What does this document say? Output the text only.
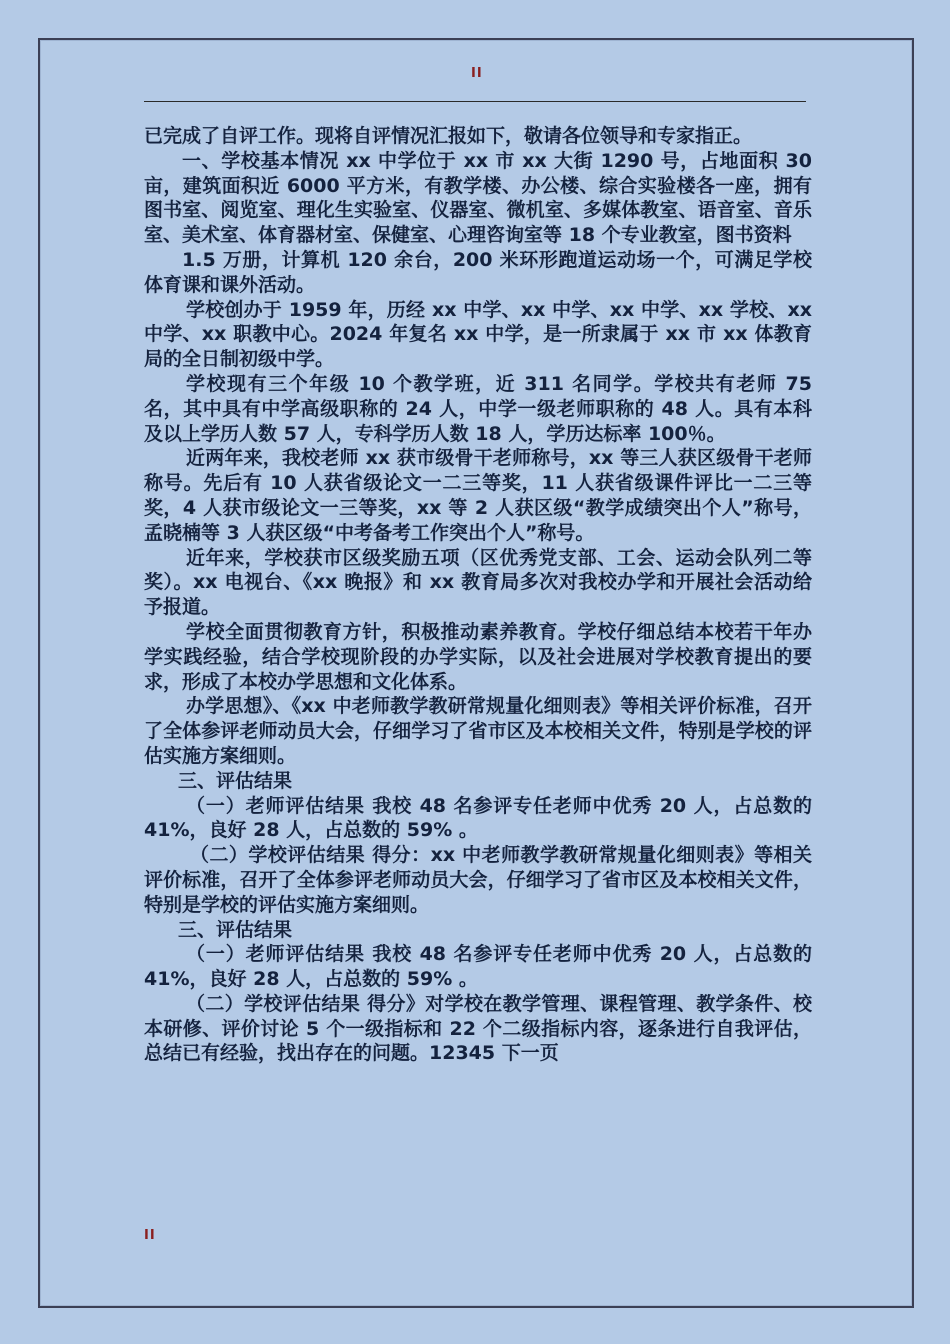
II

已完成了自评工作。现将自评情况汇报如下，敬请各位领导和专家指正。

一、学校基本情况 xx 中学位于 xx 市 xx 大街 1290 号，占地面积 30 亩，建筑面积近 6000 平方米，有教学楼、办公楼、综合实验楼各一座，拥有图书室、阅览室、理化生实验室、仪器室、微机室、多媒体教室、语音室、音乐室、美术室、体育器材室、保健室、心理咨询室等 18 个专业教室，图书资料

1.5 万册，计算机 120 余台，200 米环形跑道运动场一个，可满足学校体育课和课外活动。

学校创办于 1959 年，历经 xx 中学、xx 中学、xx 中学、xx 学校、xx 中学、xx 职教中心。2024 年复名 xx 中学，是一所隶属于 xx 市 xx 体教育局的全日制初级中学。

学校现有三个年级 10 个教学班，近 311 名同学。学校共有老师 75 名，其中具有中学高级职称的 24 人，中学一级老师职称的 48 人。具有本科及以上学历人数 57 人，专科学历人数 18 人，学历达标率 100％。

近两年来，我校老师 xx 获市级骨干老师称号，xx 等三人获区级骨干老师称号。先后有 10 人获省级论文一二三等奖，11 人获省级课件评比一二三等奖，4 人获市级论文一三等奖，xx 等 2 人获区级“教学成绩突出个人”称号，孟晓楠等 3 人获区级“中考备考工作突出个人”称号。

近年来，学校获市区级奖励五项（区优秀党支部、工会、运动会队列二等奖）。xx 电视台、《xx 晚报》和 xx 教育局多次对我校办学和开展社会活动给予报道。

学校全面贯彻教育方针，积极推动素养教育。学校仔细总结本校若干年办学实践经验，结合学校现阶段的办学实际，以及社会进展对学校教育提出的要求，形成了本校办学思想和文化体系。

办学思想》、《xx 中老师教学教研常规量化细则表》等相关评价标准，召开了全体参评老师动员大会，仔细学习了省市区及本校相关文件，特别是学校的评估实施方案细则。

三、评估结果

（一）老师评估结果 我校 48 名参评专任老师中优秀 20 人，占总数的 41%，良好 28 人，占总数的 59% 。

（二）学校评估结果 得分：xx 中老师教学教研常规量化细则表》等相关评价标准，召开了全体参评老师动员大会，仔细学习了省市区及本校相关文件，特别是学校的评估实施方案细则。

三、评估结果

（一）老师评估结果 我校 48 名参评专任老师中优秀 20 人，占总数的 41%，良好 28 人，占总数的 59% 。

（二）学校评估结果 得分》对学校在教学管理、课程管理、教学条件、校本研修、评价讨论 5 个一级指标和 22 个二级指标内容，逐条进行自我评估，总结已有经验，找出存在的问题。12345 下一页

II
